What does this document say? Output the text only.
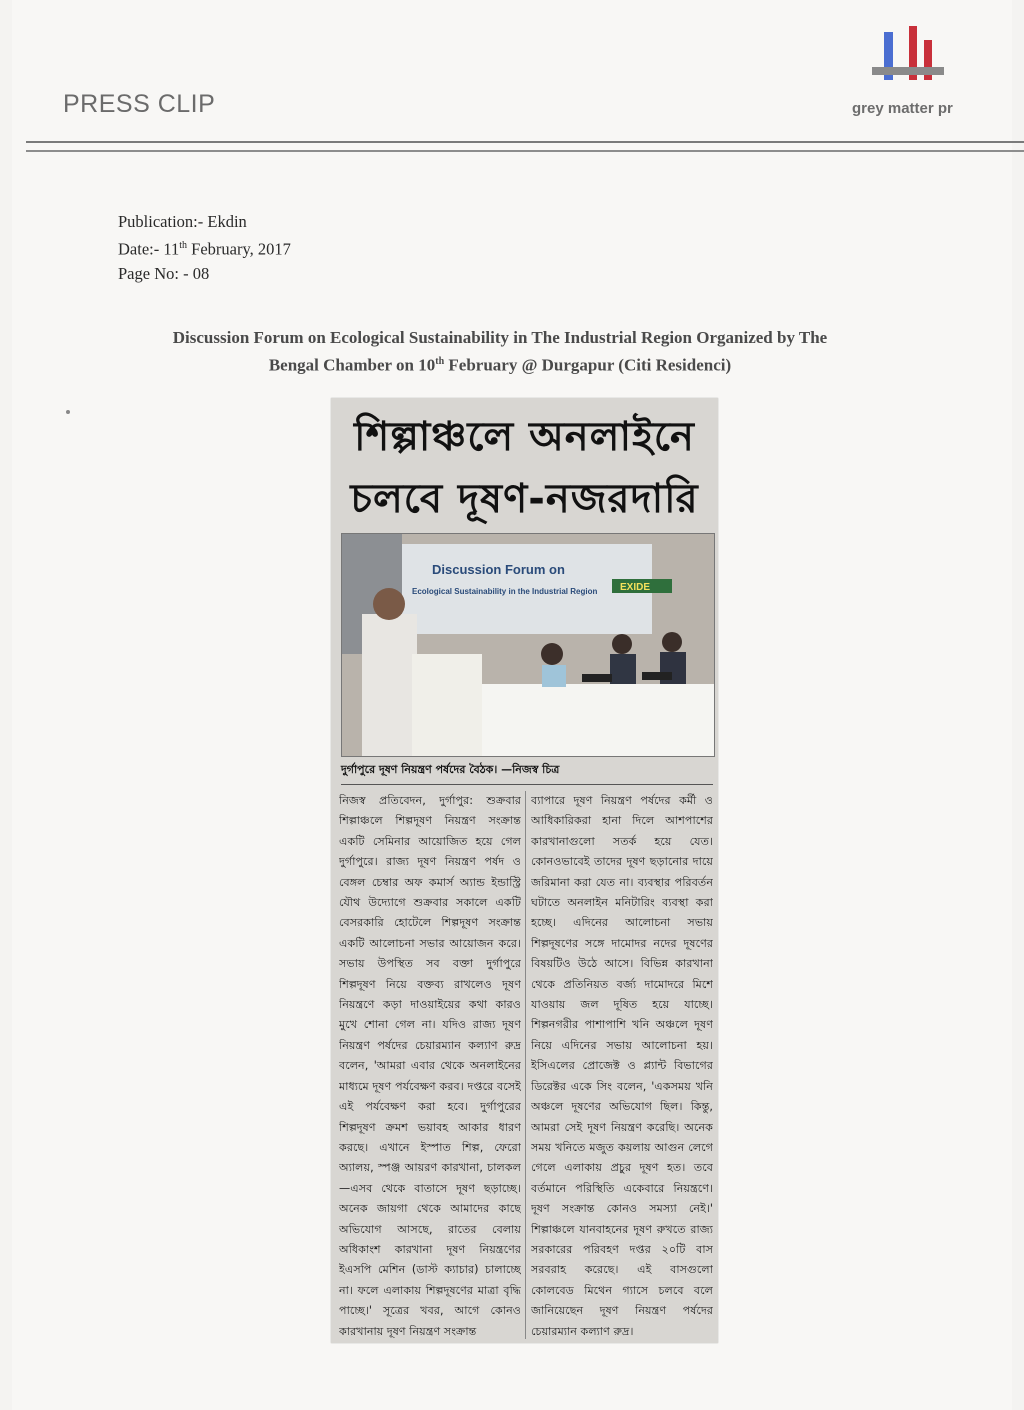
PRESS CLIP	grey matter pr
Publication:- Ekdin
Date:- 11th February, 2017
Page No: - 08
Discussion Forum on Ecological Sustainability in The Industrial Region Organized by The
Bengal Chamber on 10th February @ Durgapur (Citi Residenci)
শিল্পাঞ্চলে অনলাইনে
চলবে দূষণ-নজরদারি
Discussion Forum on
Ecological Sustainability in the Industrial Region EXIDE
দুর্গাপুরে দূষণ নিয়ন্ত্রণ পর্ষদের বৈঠক। —নিজস্ব চিত্র

নিজস্ব প্রতিবেদন, দুর্গাপুর: শুক্রবার শিল্পাঞ্চলে শিল্পদূষণ নিয়ন্ত্রণ সংক্রান্ত একটি সেমিনার আয়োজিত হয়ে গেল দুর্গাপুরে। রাজ্য দূষণ নিয়ন্ত্রণ পর্ষদ ও বেঙ্গল চেম্বার অফ কমার্স অ্যান্ড ইন্ডাস্ট্রি যৌথ উদ্যোগে শুক্রবার সকালে একটি বেসরকারি হোটেলে শিল্পদূষণ সংক্রান্ত একটি আলোচনা সভার আয়োজন করে। সভায় উপস্থিত সব বক্তা দুর্গাপুরে শিল্পদূষণ নিয়ে বক্তব্য রাখলেও দূষণ নিয়ন্ত্রণে কড়া দাওয়াইয়ের কথা কারও মুখে শোনা গেল না। যদিও রাজ্য দূষণ নিয়ন্ত্রণ পর্ষদের চেয়ারম্যান কল্যাণ রুদ্র বলেন, 'আমরা এবার থেকে অনলাইনের মাধ্যমে দূষণ পর্যবেক্ষণ করব। দপ্তরে বসেই এই পর্যবেক্ষণ করা হবে। দুর্গাপুরের শিল্পদূষণ ক্রমশ ভয়াবহ আকার ধারণ করছে। এখানে ইস্পাত শিল্প, ফেরো অ্যালয়, স্পঞ্জ আয়রণ কারখানা, চালকল—এসব থেকে বাতাসে দূষণ ছড়াচ্ছে। অনেক জায়গা থেকে আমাদের কাছে অভিযোগ আসছে, রাতের বেলায় অধিকাংশ কারখানা দূষণ নিয়ন্ত্রণের ইএসপি মেশিন (ডাস্ট ক্যাচার) চালাচ্ছে না। ফলে এলাকায় শিল্পদূষণের মাত্রা বৃদ্ধি পাচ্ছে।' সূত্রের খবর, আগে কোনও কারখানায় দূষণ নিয়ন্ত্রণ সংক্রান্ত

ব্যাপারে দূষণ নিয়ন্ত্রণ পর্ষদের কর্মী ও আধিকারিকরা হানা দিলে আশপাশের কারখানাগুলো সতর্ক হয়ে যেত। কোনওভাবেই তাদের দূষণ ছড়ানোর দায়ে জরিমানা করা যেত না। ব্যবস্থার পরিবর্তন ঘটাতে অনলাইন মনিটারিং ব্যবস্থা করা হচ্ছে। এদিনের আলোচনা সভায় শিল্পদূষণের সঙ্গে দামোদর নদের দূষণের বিষয়টিও উঠে আসে। বিভিন্ন কারখানা থেকে প্রতিনিয়ত বর্জ্য দামোদরে মিশে যাওয়ায় জল দূষিত হয়ে যাচ্ছে। শিল্পনগরীর পাশাপাশি খনি অঞ্চলে দূষণ নিয়ে এদিনের সভায় আলোচনা হয়। ইসিএলের প্রোজেক্ট ও প্ল্যান্ট বিভাগের ডিরেক্টর একে সিং বলেন, 'একসময় খনি অঞ্চলে দূষণের অভিযোগ ছিল। কিন্তু, আমরা সেই দূষণ নিয়ন্ত্রণ করেছি। অনেক সময় খনিতে মজুত কয়লায় আগুন লেগে গেলে এলাকায় প্রচুর দূষণ হত। তবে বর্তমানে পরিস্থিতি একেবারে নিয়ন্ত্রণে। দূষণ সংক্রান্ত কোনও সমস্যা নেই।' শিল্পাঞ্চলে যানবাহনের দূষণ রুখতে রাজ্য সরকারের পরিবহণ দপ্তর ২০টি বাস সরবরাহ করেছে। এই বাসগুলো কোলবেড মিথেন গ্যাসে চলবে বলে জানিয়েছেন দূষণ নিয়ন্ত্রণ পর্ষদের চেয়ারম্যান কল্যাণ রুদ্র।
